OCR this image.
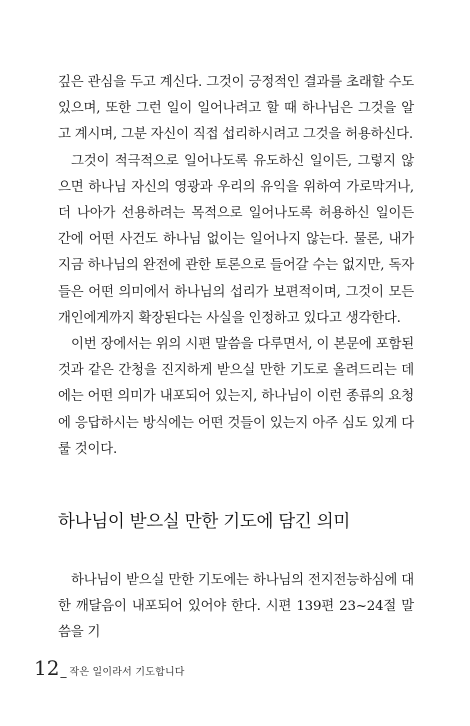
깊은 관심을 두고 계신다. 그것이 긍정적인 결과를 초래할 수도 있으며, 또한 그런 일이 일어나려고 할 때 하나님은 그것을 알고 계시며, 그분 자신이 직접 섭리하시려고 그것을 허용하신다.

그것이 적극적으로 일어나도록 유도하신 일이든, 그렇지 않으면 하나님 자신의 영광과 우리의 유익을 위하여 가로막거나, 더 나아가 선용하려는 목적으로 일어나도록 허용하신 일이든 간에 어떤 사건도 하나님 없이는 일어나지 않는다. 물론, 내가 지금 하나님의 완전에 관한 토론으로 들어갈 수는 없지만, 독자들은 어떤 의미에서 하나님의 섭리가 보편적이며, 그것이 모든 개인에게까지 확장된다는 사실을 인정하고 있다고 생각한다.

이번 장에서는 위의 시편 말씀을 다루면서, 이 본문에 포함된 것과 같은 간청을 진지하게 받으실 만한 기도로 올려드리는 데에는 어떤 의미가 내포되어 있는지, 하나님이 이런 종류의 요청에 응답하시는 방식에는 어떤 것들이 있는지 아주 심도 있게 다룰 것이다.

하나님이 받으실 만한 기도에 담긴 의미

하나님이 받으실 만한 기도에는 하나님의 전지전능하심에 대한 깨달음이 내포되어 있어야 한다. 시편 139편 23~24절 말씀을 기

12 _ 작은 일이라서 기도합니다
